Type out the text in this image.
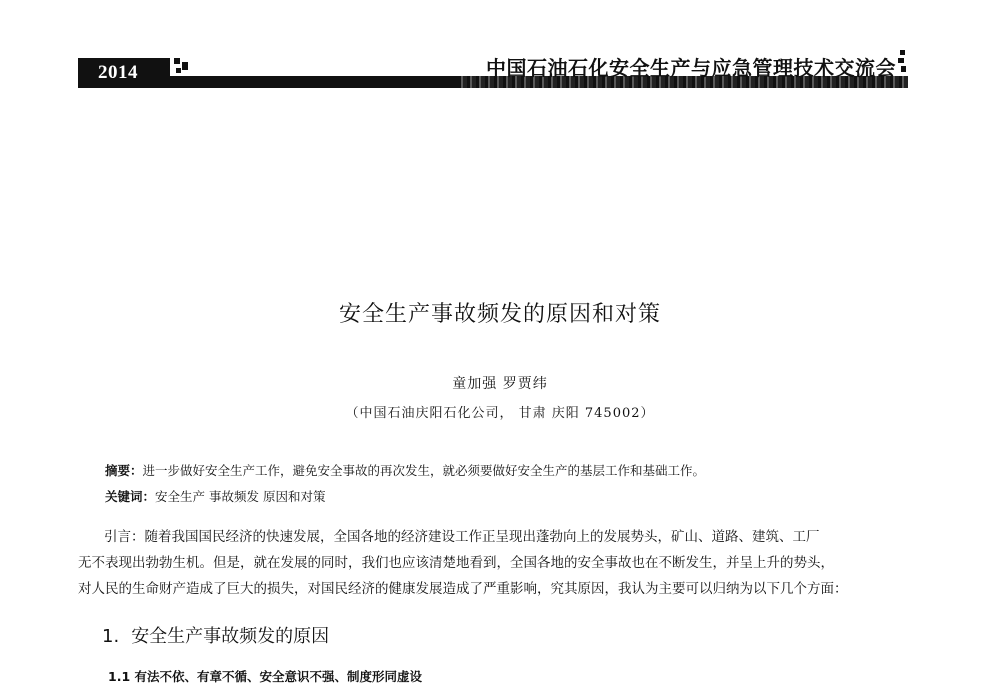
2014	中国石油石化安全生产与应急管理技术交流会
安全生产事故频发的原因和对策
童加强 罗贾纬
（中国石油庆阳石化公司， 甘肃 庆阳 745002）
摘要：进一步做好安全生产工作，避免安全事故的再次发生，就必须要做好安全生产的基层工作和基础工作。
关键词：安全生产 事故频发 原因和对策
引言：随着我国国民经济的快速发展，全国各地的经济建设工作正呈现出蓬勃向上的发展势头，矿山、道路、建筑、工厂
无不表现出勃勃生机。但是，就在发展的同时，我们也应该清楚地看到，全国各地的安全事故也在不断发生，并呈上升的势头，
对人民的生命财产造成了巨大的损失，对国民经济的健康发展造成了严重影响，究其原因，我认为主要可以归纳为以下几个方面：
1. 安全生产事故频发的原因
1.1 有法不依、有章不循、安全意识不强、制度形同虚设
